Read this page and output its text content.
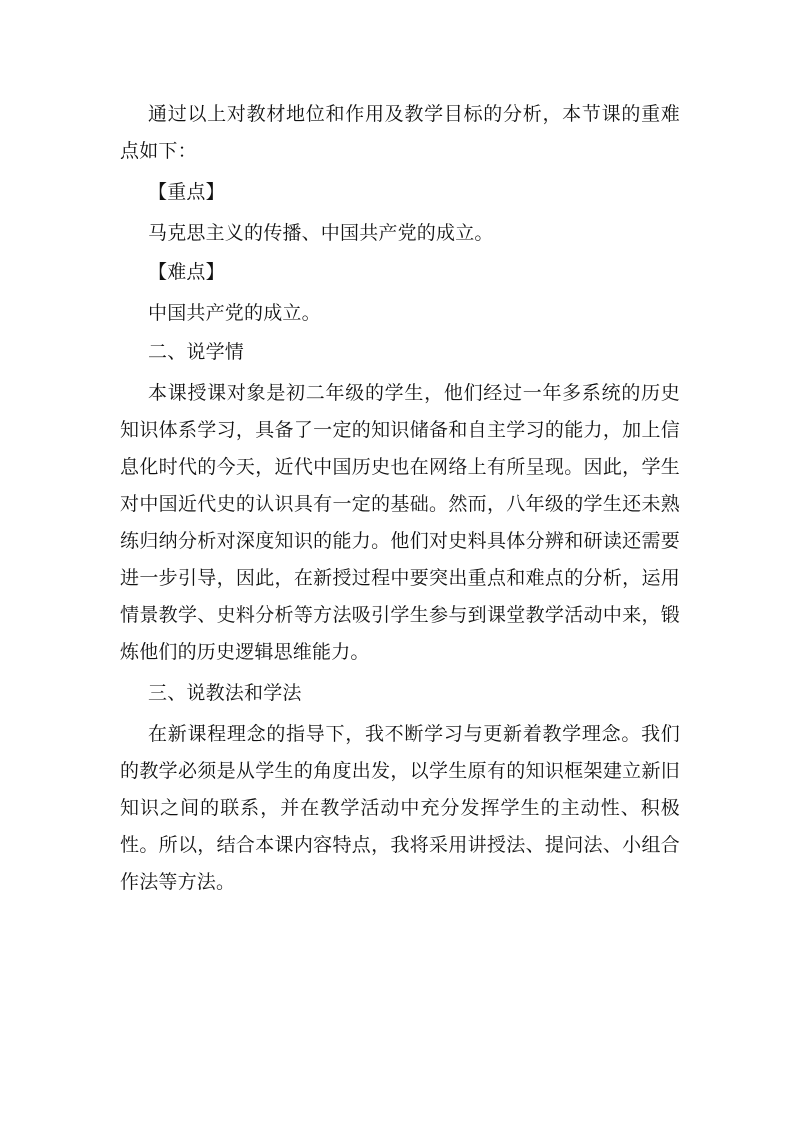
通过以上对教材地位和作用及教学目标的分析，本节课的重难点如下：

【重点】

马克思主义的传播、中国共产党的成立。

【难点】

中国共产党的成立。

二、说学情

本课授课对象是初二年级的学生，他们经过一年多系统的历史知识体系学习，具备了一定的知识储备和自主学习的能力，加上信息化时代的今天，近代中国历史也在网络上有所呈现。因此，学生对中国近代史的认识具有一定的基础。然而，八年级的学生还未熟练归纳分析对深度知识的能力。他们对史料具体分辨和研读还需要进一步引导，因此，在新授过程中要突出重点和难点的分析，运用情景教学、史料分析等方法吸引学生参与到课堂教学活动中来，锻炼他们的历史逻辑思维能力。

三、说教法和学法

在新课程理念的指导下，我不断学习与更新着教学理念。我们的教学必须是从学生的角度出发，以学生原有的知识框架建立新旧知识之间的联系，并在教学活动中充分发挥学生的主动性、积极性。所以，结合本课内容特点，我将采用讲授法、提问法、小组合作法等方法。
